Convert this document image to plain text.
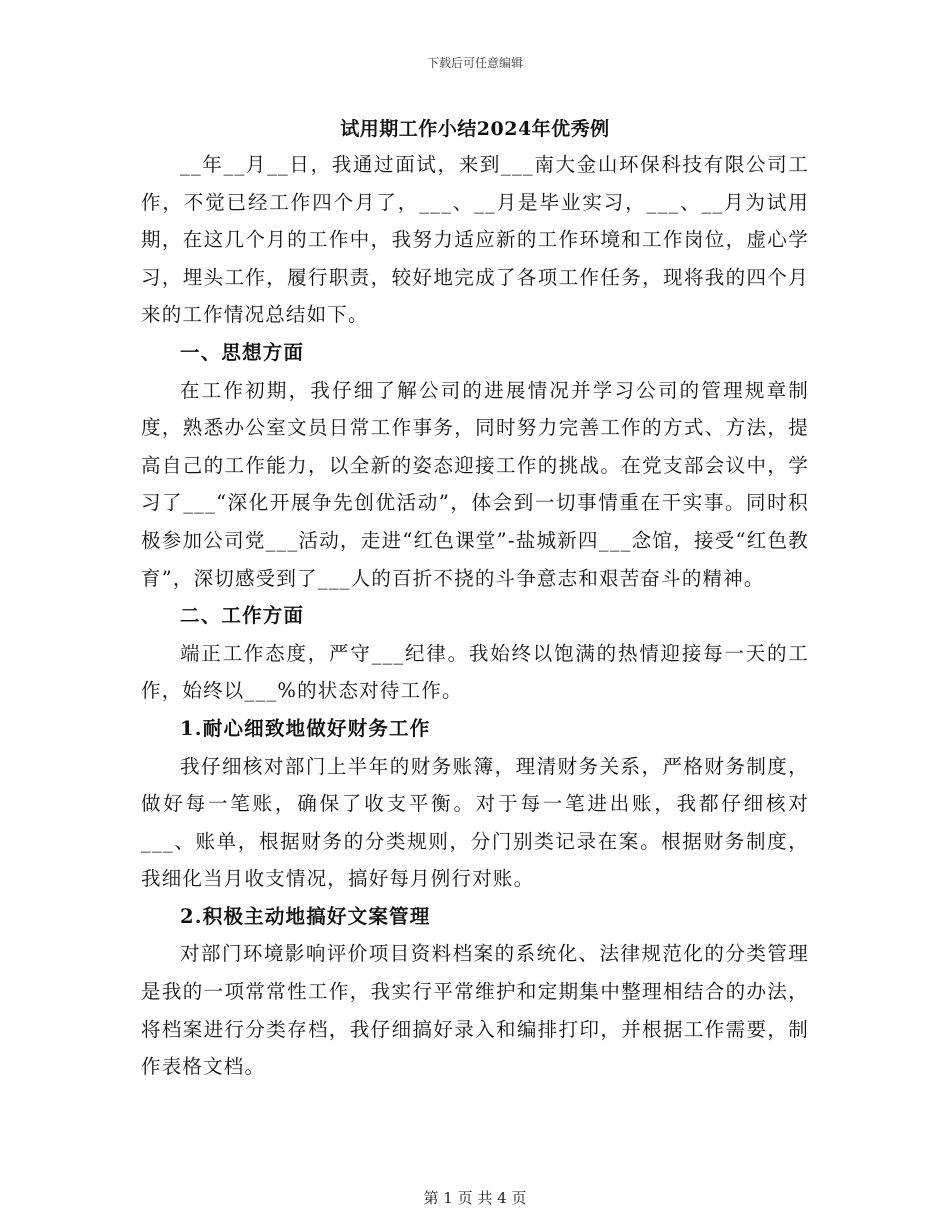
下载后可任意编辑
试用期工作小结2024年优秀例

__年__月__日，我通过面试，来到___南大金山环保科技有限公司工作，不觉已经工作四个月了，___、__月是毕业实习，___、__月为试用期，在这几个月的工作中，我努力适应新的工作环境和工作岗位，虚心学习，埋头工作，履行职责，较好地完成了各项工作任务，现将我的四个月来的工作情况总结如下。

一、思想方面

在工作初期，我仔细了解公司的进展情况并学习公司的管理规章制度，熟悉办公室文员日常工作事务，同时努力完善工作的方式、方法，提高自己的工作能力，以全新的姿态迎接工作的挑战。在党支部会议中，学习了___“深化开展争先创优活动”，体会到一切事情重在干实事。同时积极参加公司党___活动，走进“红色课堂”-盐城新四___念馆，接受“红色教育”，深切感受到了___人的百折不挠的斗争意志和艰苦奋斗的精神。

二、工作方面

端正工作态度，严守___纪律。我始终以饱满的热情迎接每一天的工作，始终以___%的状态对待工作。

1.耐心细致地做好财务工作

我仔细核对部门上半年的财务账簿，理清财务关系，严格财务制度，做好每一笔账，确保了收支平衡。对于每一笔进出账，我都仔细核对___、账单，根据财务的分类规则，分门别类记录在案。根据财务制度，我细化当月收支情况，搞好每月例行对账。

2.积极主动地搞好文案管理

对部门环境影响评价项目资料档案的系统化、法律规范化的分类管理是我的一项常常性工作，我实行平常维护和定期集中整理相结合的办法，将档案进行分类存档，我仔细搞好录入和编排打印，并根据工作需要，制作表格文档。

第 1 页 共 4 页
